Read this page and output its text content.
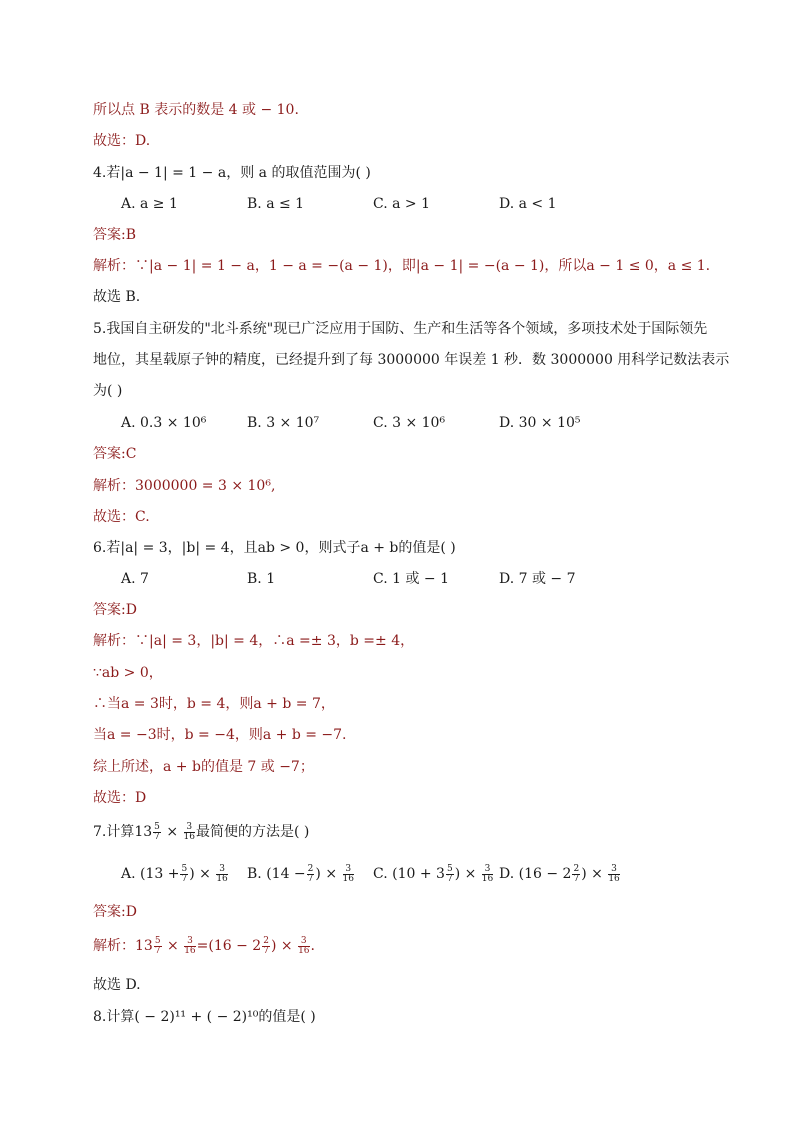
所以点 B 表示的数是 4 或 − 10.
故选：D.
4.若|a − 1| = 1 − a，则 a 的取值范围为( )
A. a ≥ 1	B. a ≤ 1	C. a > 1	D. a < 1
答案:B
解析：∵|a − 1| = 1 − a，1 − a = −(a − 1)，即|a − 1| = −(a − 1)，所以a − 1 ≤ 0，a ≤ 1.
故选 B.
5.我国自主研发的"北斗系统"现已广泛应用于国防、生产和生活等各个领域，多项技术处于国际领先
地位，其星载原子钟的精度，已经提升到了每 3000000 年误差 1 秒．数 3000000 用科学记数法表示
为( )
A. 0.3 × 10⁶	B. 3 × 10⁷	C. 3 × 10⁶	D. 30 × 10⁵
答案:C
解析：3000000 = 3 × 10⁶,
故选：C.
6.若|a| = 3，|b| = 4，且ab > 0，则式子a + b的值是( )
A. 7	B. 1	C. 1 或 − 1	D. 7 或 − 7
答案:D
解析：∵|a| = 3，|b| = 4，∴a =± 3，b =± 4，
∵ab > 0，
∴当a = 3时，b = 4，则a + b = 7，
当a = −3时，b = −4，则a + b = −7.
综上所述，a + b的值是 7 或 −7；
故选：D
7.计算$13 \frac{5}{7} \times \frac{3}{16}$ 最简便的方法是( )
A. ($13 + \frac{5}{7}$ ) × $\frac{3}{16} B$. ($14 - \frac{2}{7}$ ) × $\frac{3}{16} C$. ($10 + 3 \frac{5}{7}$ ) × $\frac{3}{16} D$. ($16 - 2 \frac{2}{7}$ ) × $\frac{3}{16}$
答案:D
解析：$13 \frac{5}{7} \times \frac{3}{16} =(16 - 2 \frac{2}{7}$ ) × $\frac{3}{16}$ .
故选 D.
8.计算( − 2)¹¹ + ( − 2)¹⁰的值是( )
